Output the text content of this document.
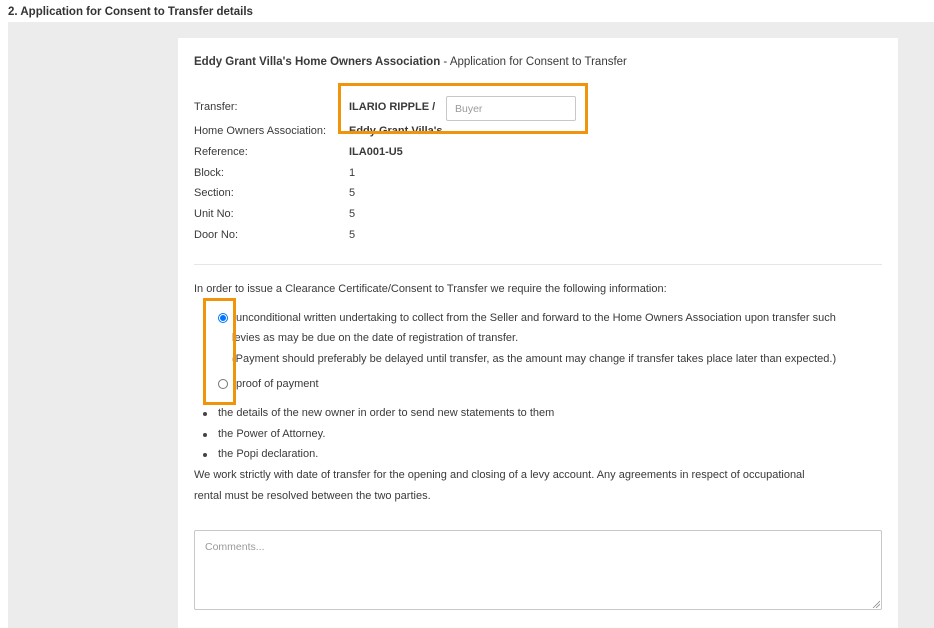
2. Application for Consent to Transfer details
Eddy Grant Villa's Home Owners Association - Application for Consent to Transfer
Transfer:	ILARIO RIPPLE /
Buyer
Home Owners Association: Eddy Grant Villa's
Reference:	ILA001-U5
Block:	1
Section:	5
Unit No:	5
Door No:	5
In order to issue a Clearance Certificate/Consent to Transfer we require the following information:
unconditional written undertaking to collect from the Seller and forward to the Home Owners Association upon transfer such
levies as may be due on the date of registration of transfer.
(Payment should preferably be delayed until transfer, as the amount may change if transfer takes place later than expected.)
proof of payment
the details of the new owner in order to send new statements to them
the Power of Attorney.
the Popi declaration.
We work strictly with date of transfer for the opening and closing of a levy account. Any agreements in respect of occupational
rental must be resolved between the two parties.
Comments...
